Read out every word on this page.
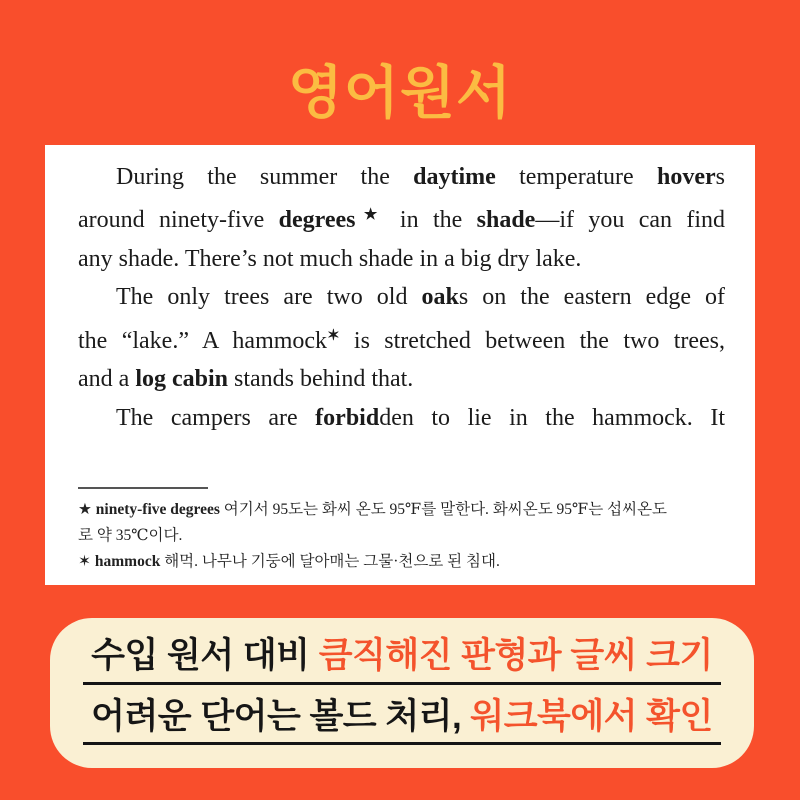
영어원서
During the summer the daytime temperature hovers
around ninety-five degrees★ in the shade—if you can find
any shade. There’s not much shade in a big dry lake.
The only trees are two old oaks on the eastern edge of
the “lake.” A hammock✶ is stretched between the two trees,
and a log cabin stands behind that.
The campers are forbidden to lie in the hammock. It
★ ninety-five degrees 여기서 95도는 화씨 온도 95℉를 말한다. 화씨온도 95℉는 섭씨온도
로 약 35℃이다.
✶ hammock 해먹. 나무나 기둥에 달아매는 그물·천으로 된 침대.
수입 원서 대비 큼직해진 판형과 글씨 크기
어려운 단어는 볼드 처리, 워크북에서 확인
